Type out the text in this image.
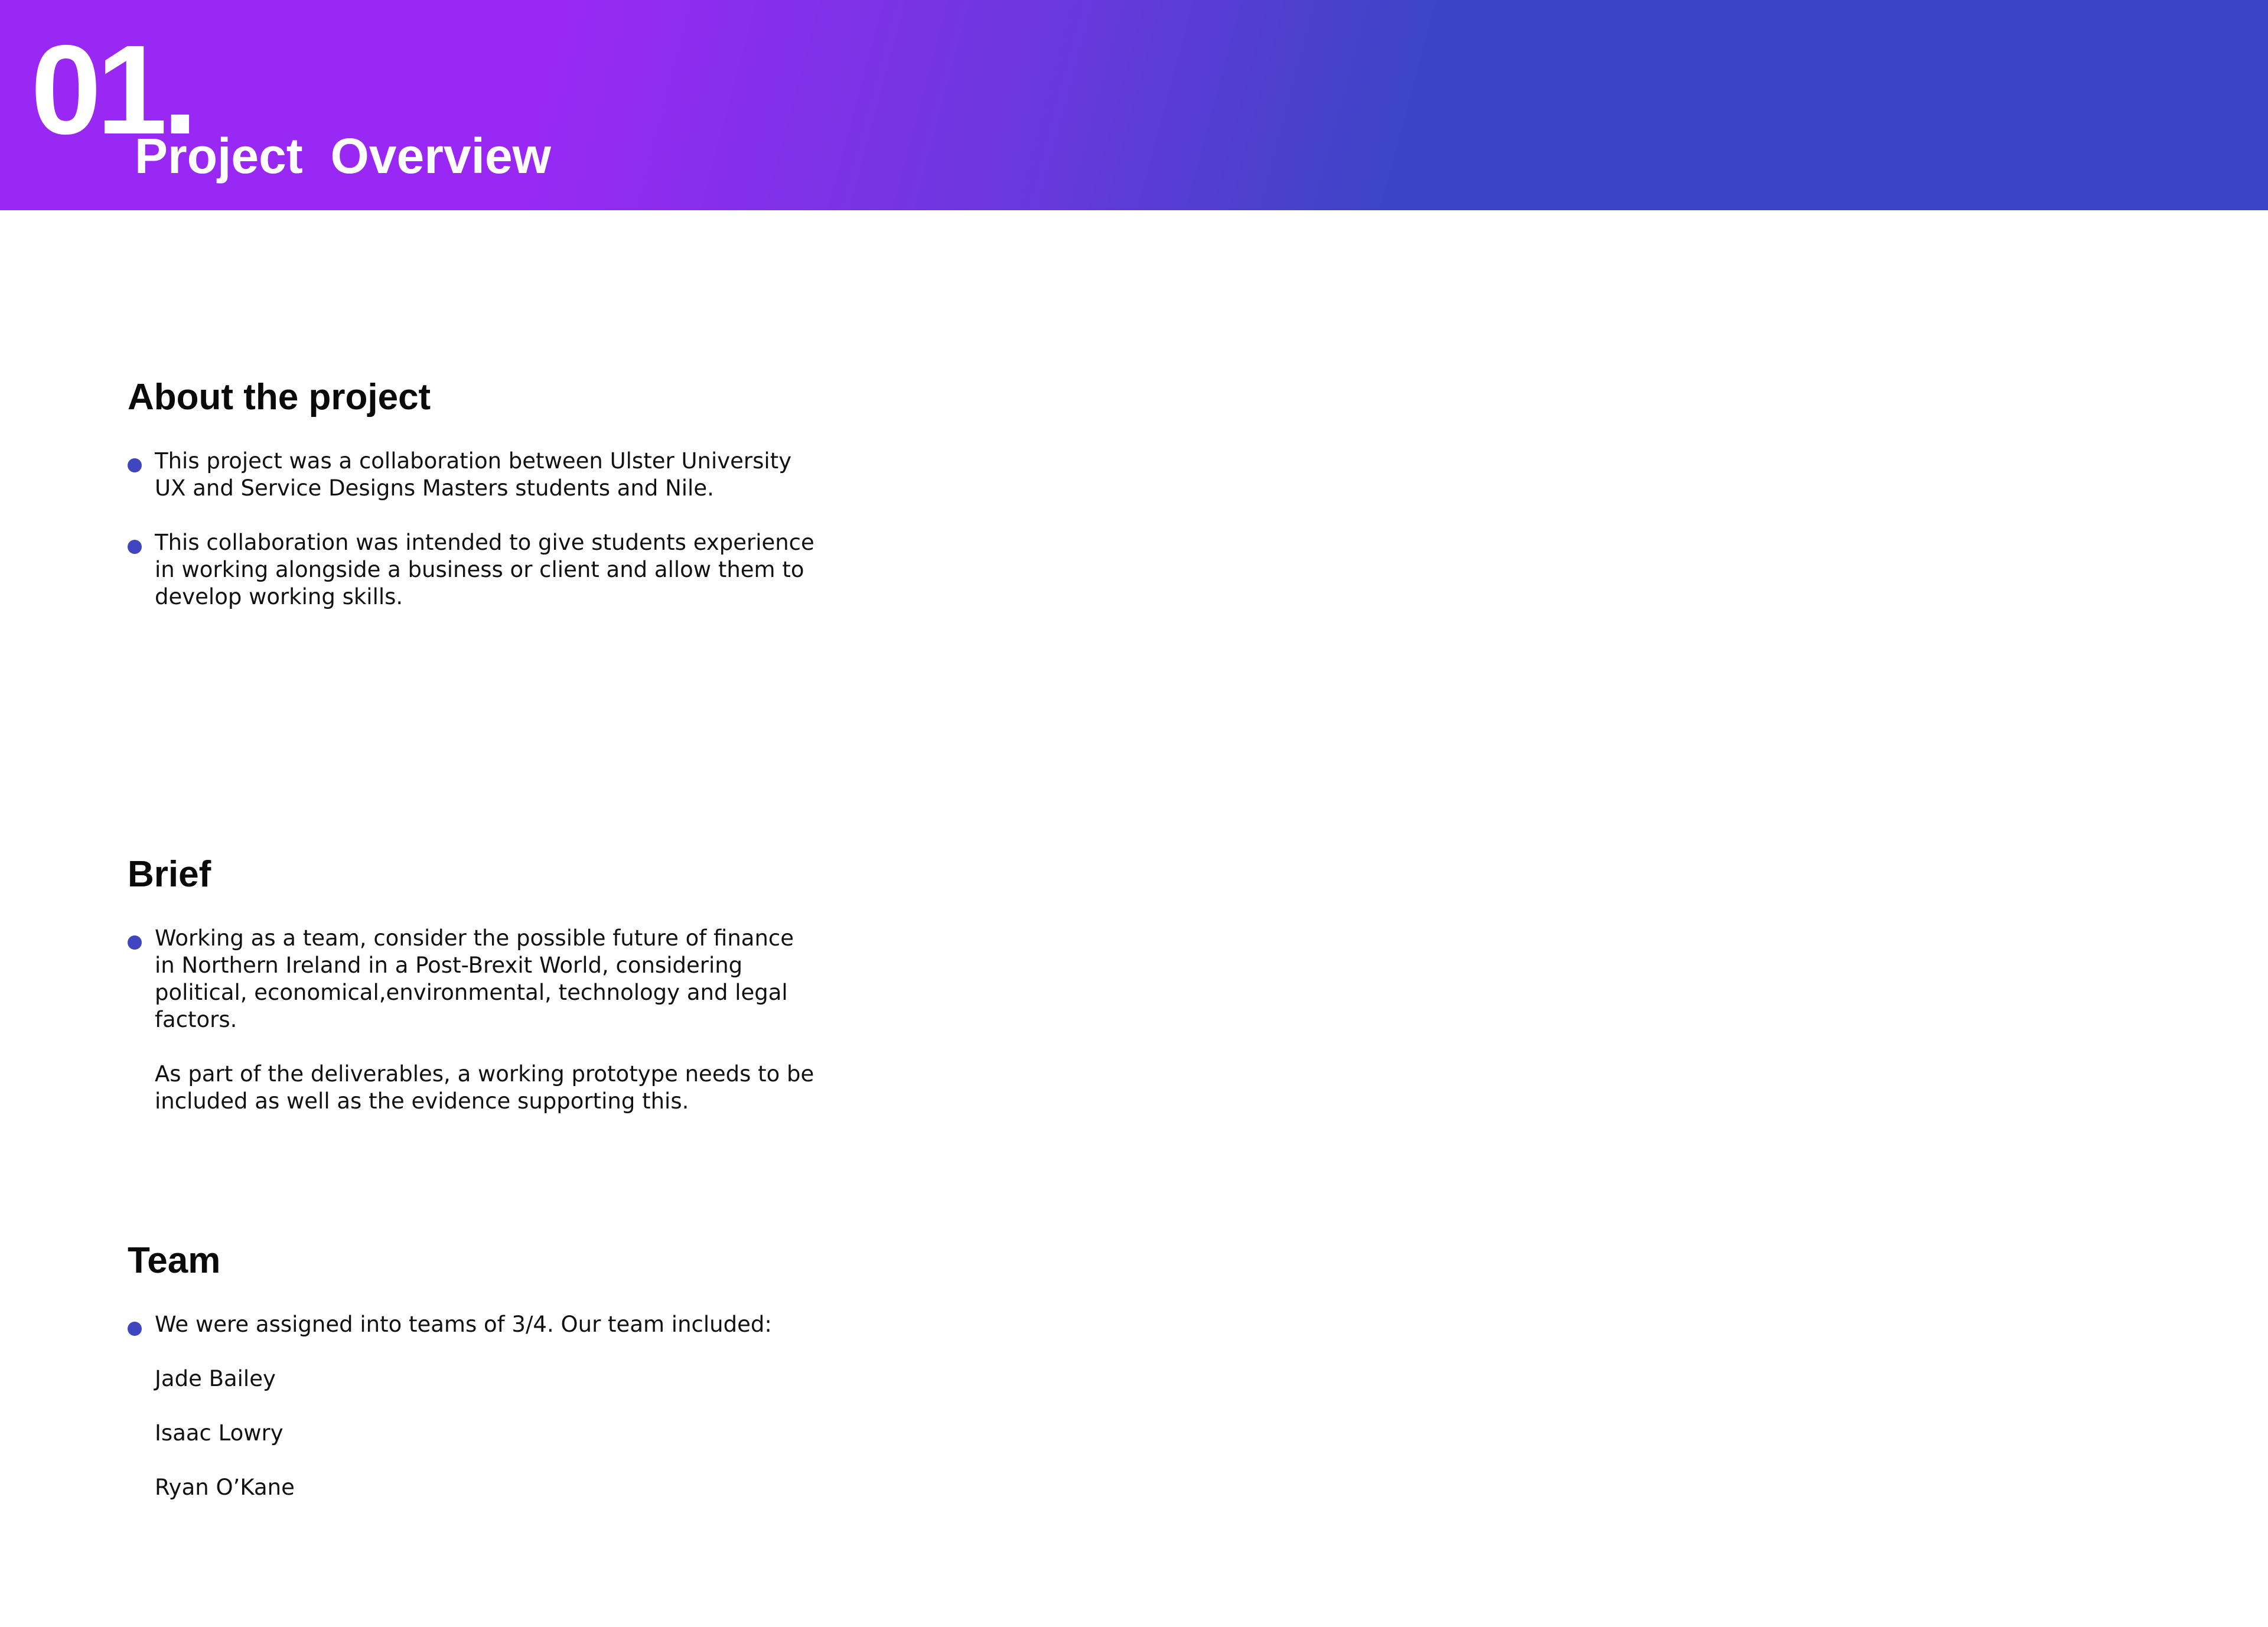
01.
Project  Overview
About the project
This project was a collaboration between Ulster University
UX and Service Designs Masters students and Nile.
This collaboration was intended to give students experience
in working alongside a business or client and allow them to
develop working skills.
Brief
Working as a team, consider the possible future of finance
in Northern Ireland in a Post-Brexit World, considering
political, economical,environmental, technology and legal
factors.
As part of the deliverables, a working prototype needs to be
included as well as the evidence supporting this.
Team
We were assigned into teams of 3/4. Our team included:
Jade Bailey
Isaac Lowry
Ryan O’Kane
